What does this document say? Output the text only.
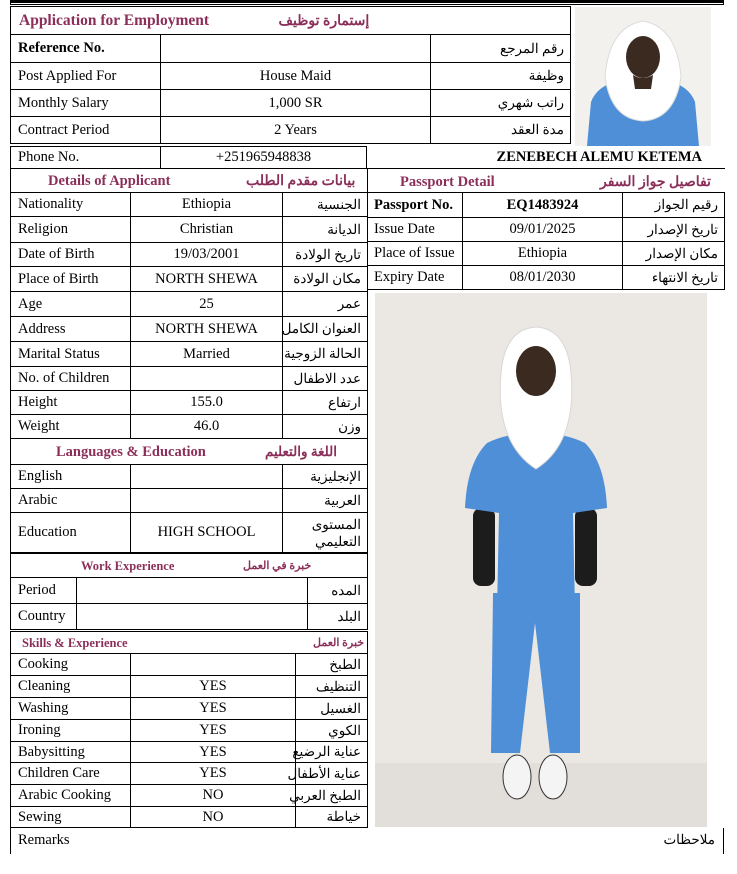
Application for Employment إستمارة توظيف		

Reference No.		رقم المرجع
Post Applied For	House Maid	وظيفة
Monthly Salary	1,000 SR	راتب شهري
Contract Period	2 Years	مدة العقد
Phone No.	+251965948838	ZENEBECH ALEMU KETEMA
Details of Applicant بيانات مقدم الطلب		

Nationality	Ethiopia	الجنسية
Religion	Christian	الديانة
Date of Birth	19/03/2001	تاريخ الولادة
Place of Birth	NORTH SHEWA	مكان الولادة
Age	25	عمر
Address	NORTH SHEWA	العنوان الكامل
Marital Status	Married	الحالة الزوجية
No. of Children		عدد الاطفال
Height	155.0	ارتفاع
Weight	46.0	وزن

Languages & Education اللغة والتعليم		

English		الإنجليزية
Arabic		العربية
Education	HIGH SCHOOL	المستوى التعليمي
Work Experience خبرة في العمل		

Period		المده
Country		البلد
Skills & Experience خبرة العمل		

Cooking		الطبخ
Cleaning	YES	التنظيف
Washing	YES	الغسيل
Ironing	YES	الكوي
Babysitting	YES	عناية الرضيع
Children Care	YES	عناية الأطفال
Arabic Cooking	NO	الطبخ العربي
Sewing	NO	خياطة
Passport Detail تفاصيل جواز السفر		

Passport No.	EQ1483924	رقيم الجواز
Issue Date	09/01/2025	تاريخ الإصدار
Place of Issue	Ethiopia	مكان الإصدار
Expiry Date	08/01/2030	تاريخ الانتهاء
Remarks	ملاحظات
